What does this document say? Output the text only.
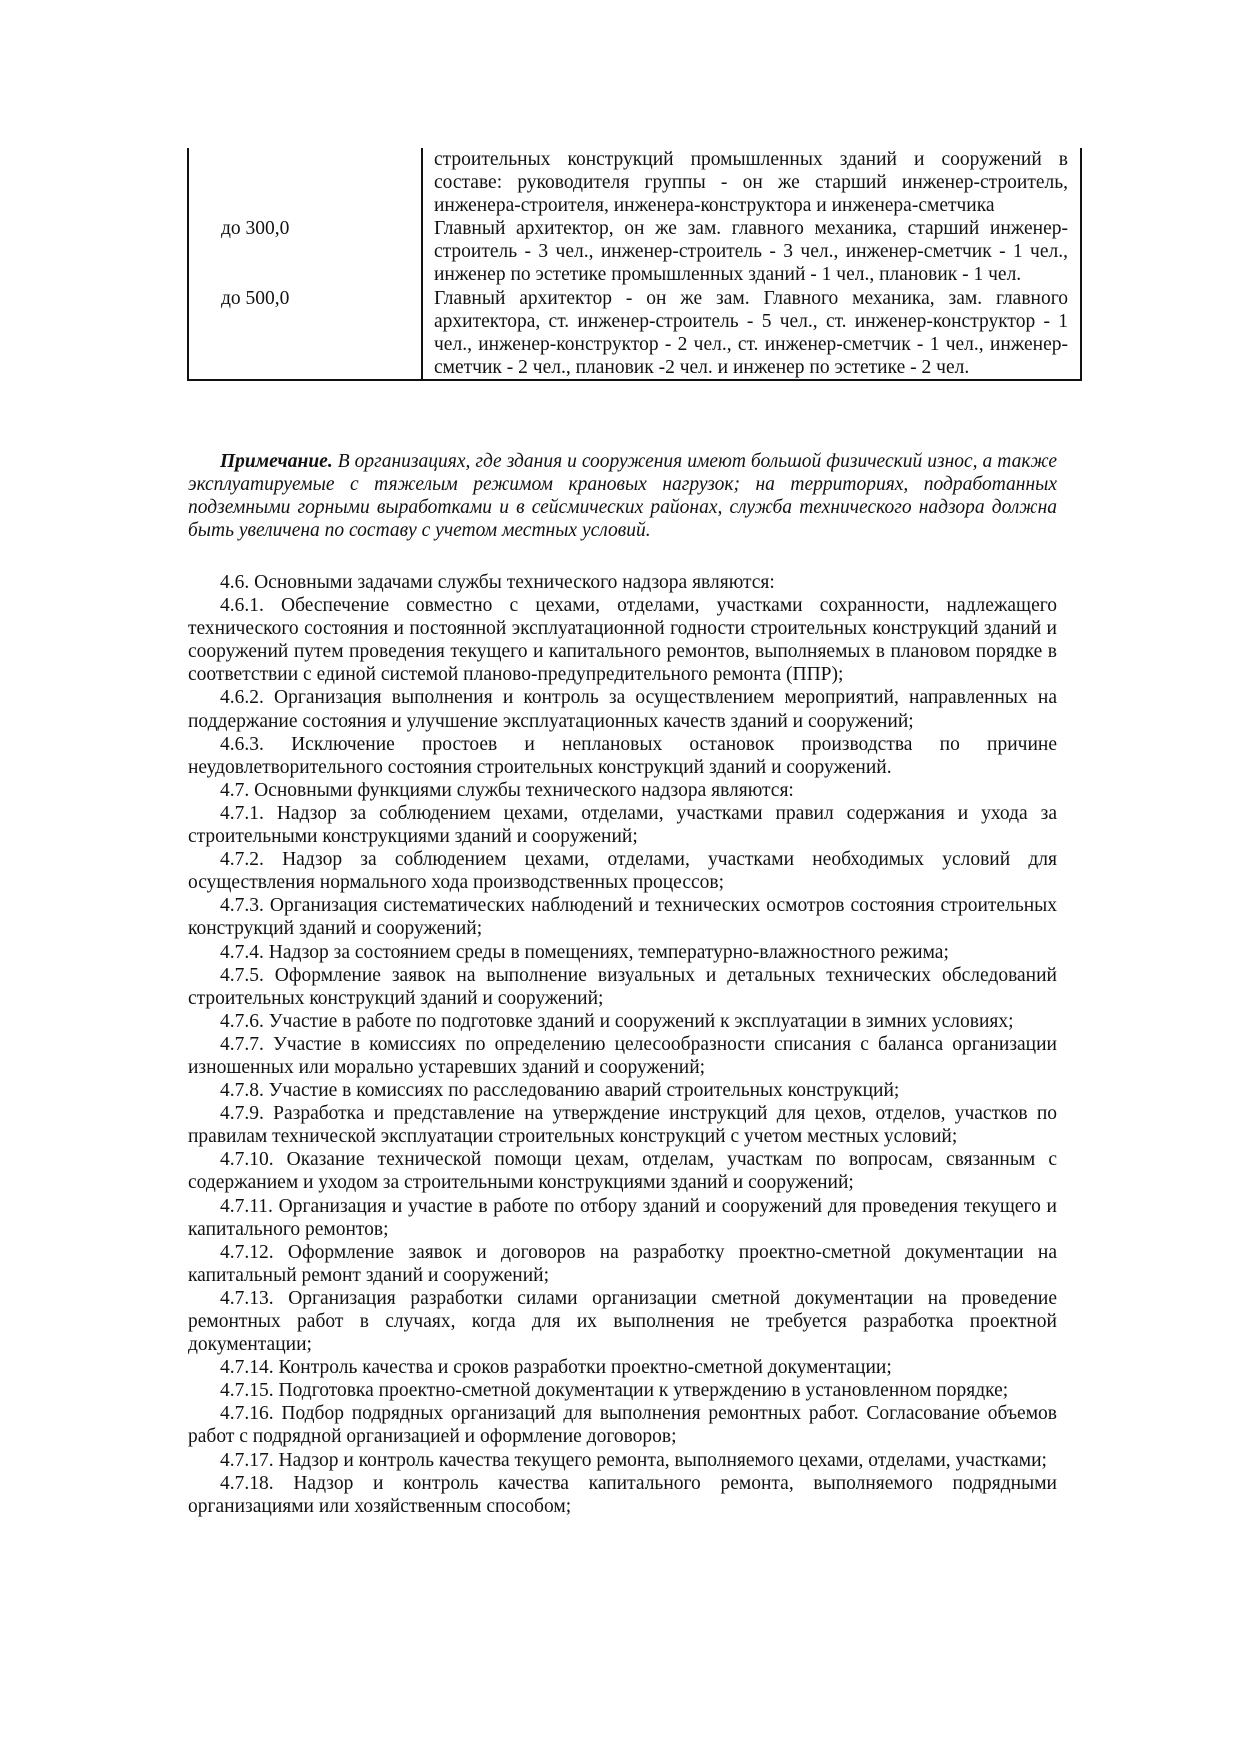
	строительных конструкций промышленных зданий и сооружений в составе: руководителя группы - он же старший инженер-строитель, инженера-строителя, инженера-конструктора и инженера-сметчика
до 300,0	Главный архитектор, он же зам. главного механика, старший инженер-строитель - 3 чел., инженер-строитель - 3 чел., инженер-сметчик - 1 чел., инженер по эстетике промышленных зданий - 1 чел., плановик - 1 чел.
до 500,0	Главный архитектор - он же зам. Главного механика, зам. главного архитектора, ст. инженер-строитель - 5 чел., ст. инженер-конструктор - 1 чел., инженер-конструктор - 2 чел., ст. инженер-сметчик - 1 чел., инженер-сметчик - 2 чел., плановик -2 чел. и инженер по эстетике - 2 чел.

Примечание. В организациях, где здания и сооружения имеют большой физический износ, а также эксплуатируемые с тяжелым режимом крановых нагрузок; на территориях, подработанных подземными горными выработками и в сейсмических районах, служба технического надзора должна быть увеличена по составу с учетом местных условий.

4.6. Основными задачами службы технического надзора являются:

4.6.1. Обеспечение совместно с цехами, отделами, участками сохранности, надлежащего технического состояния и постоянной эксплуатационной годности строительных конструкций зданий и сооружений путем проведения текущего и капитального ремонтов, выполняемых в плановом порядке в соответствии с единой системой планово-предупредительного ремонта (ППР);

4.6.2. Организация выполнения и контроль за осуществлением мероприятий, направленных на поддержание состояния и улучшение эксплуатационных качеств зданий и сооружений;

4.6.3. Исключение простоев и неплановых остановок производства по причине неудовлетворительного состояния строительных конструкций зданий и сооружений.

4.7. Основными функциями службы технического надзора являются:

4.7.1. Надзор за соблюдением цехами, отделами, участками правил содержания и ухода за строительными конструкциями зданий и сооружений;

4.7.2. Надзор за соблюдением цехами, отделами, участками необходимых условий для осуществления нормального хода производственных процессов;

4.7.3. Организация систематических наблюдений и технических осмотров состояния строительных конструкций зданий и сооружений;

4.7.4. Надзор за состоянием среды в помещениях, температурно-влажностного режима;

4.7.5. Оформление заявок на выполнение визуальных и детальных технических обследований строительных конструкций зданий и сооружений;

4.7.6. Участие в работе по подготовке зданий и сооружений к эксплуатации в зимних условиях;

4.7.7. Участие в комиссиях по определению целесообразности списания с баланса организации изношенных или морально устаревших зданий и сооружений;

4.7.8. Участие в комиссиях по расследованию аварий строительных конструкций;

4.7.9. Разработка и представление на утверждение инструкций для цехов, отделов, участков по правилам технической эксплуатации строительных конструкций с учетом местных условий;

4.7.10. Оказание технической помощи цехам, отделам, участкам по вопросам, связанным с содержанием и уходом за строительными конструкциями зданий и сооружений;

4.7.11. Организация и участие в работе по отбору зданий и сооружений для проведения текущего и капитального ремонтов;

4.7.12. Оформление заявок и договоров на разработку проектно-сметной документации на капитальный ремонт зданий и сооружений;

4.7.13. Организация разработки силами организации сметной документации на проведение ремонтных работ в случаях, когда для их выполнения не требуется разработка проектной документации;

4.7.14. Контроль качества и сроков разработки проектно-сметной документации;

4.7.15. Подготовка проектно-сметной документации к утверждению в установленном порядке;

4.7.16. Подбор подрядных организаций для выполнения ремонтных работ. Согласование объемов работ с подрядной организацией и оформление договоров;

4.7.17. Надзор и контроль качества текущего ремонта, выполняемого цехами, отделами, участками;

4.7.18. Надзор и контроль качества капитального ремонта, выполняемого подрядными организациями или хозяйственным способом;
